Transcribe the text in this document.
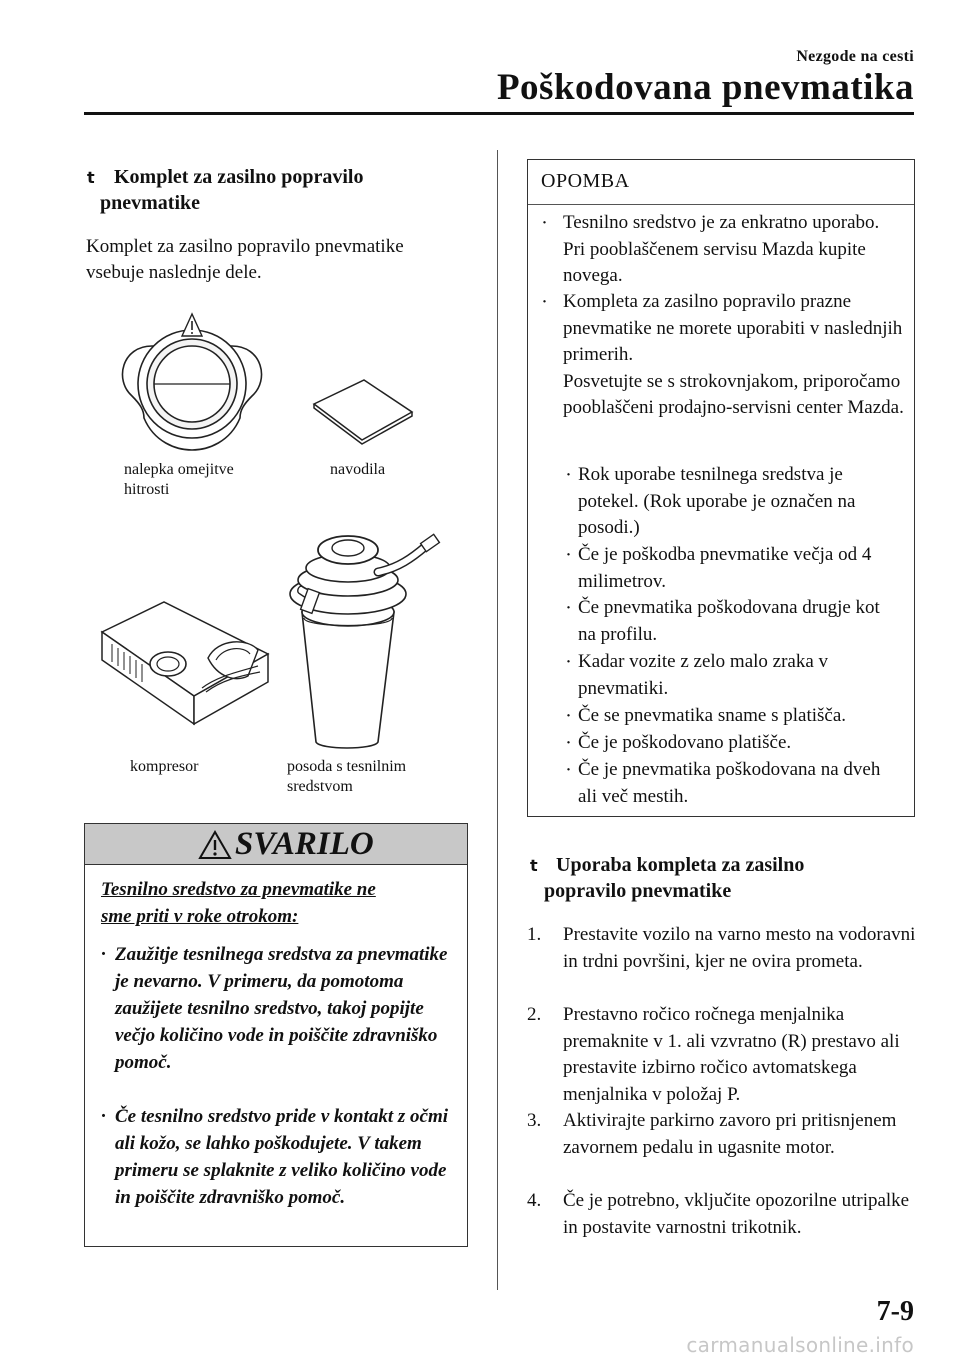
Nezgode na cesti
Poškodovana pnevmatika
t Komplet za zasilno popravilo
pnevmatike
Komplet za zasilno popravilo pnevmatike
vsebuje naslednje dele.
nalepka omejitve
hitrosti
navodila
kompresor	posoda s tesnilnim
sredstvom
SVARILO
Tesnilno sredstvo za pnevmatike ne
sme priti v roke otrokom:
· Zaužitje tesnilnega sredstva za pnevmatike je nevarno. V primeru, da pomotoma zaužijete tesnilno sredstvo, takoj popijte večjo količino vode in poiščite zdravniško pomoč.
· Če tesnilno sredstvo pride v kontakt z očmi ali kožo, se lahko poškodujete. V takem primeru se splaknite z veliko količino vode in poiščite zdravniško pomoč.
OPOMBA
· Tesnilno sredstvo je za enkratno uporabo. Pri pooblaščenem servisu Mazda kupite novega.
· Kompleta za zasilno popravilo prazne pnevmatike ne morete uporabiti v naslednjih primerih.
Posvetujte se s strokovnjakom, priporočamo pooblaščeni prodajno-servisni center Mazda.
· Rok uporabe tesnilnega sredstva je potekel. (Rok uporabe je označen na posodi.)
· Če je poškodba pnevmatike večja od 4 milimetrov.
· Če pnevmatika poškodovana drugje kot na profilu.
· Kadar vozite z zelo malo zraka v pnevmatiki.
· Če se pnevmatika sname s platišča.
· Če je poškodovano platišče.
· Če je pnevmatika poškodovana na dveh ali več mestih.
t Uporaba kompleta za zasilno
popravilo pnevmatike
1.	Prestavite vozilo na varno mesto na vodoravni in trdni površini, kjer ne ovira prometa.
2.	Prestavno ročico ročnega menjalnika premaknite v 1. ali vzvratno (R) prestavo ali prestavite izbirno ročico avtomatskega menjalnika v položaj P.
3.	Aktivirajte parkirno zavoro pri pritisnjenem zavornem pedalu in ugasnite motor.
4.	Če je potrebno, vključite opozorilne utripalke in postavite varnostni trikotnik.
7-9
carmanualsonline.info
